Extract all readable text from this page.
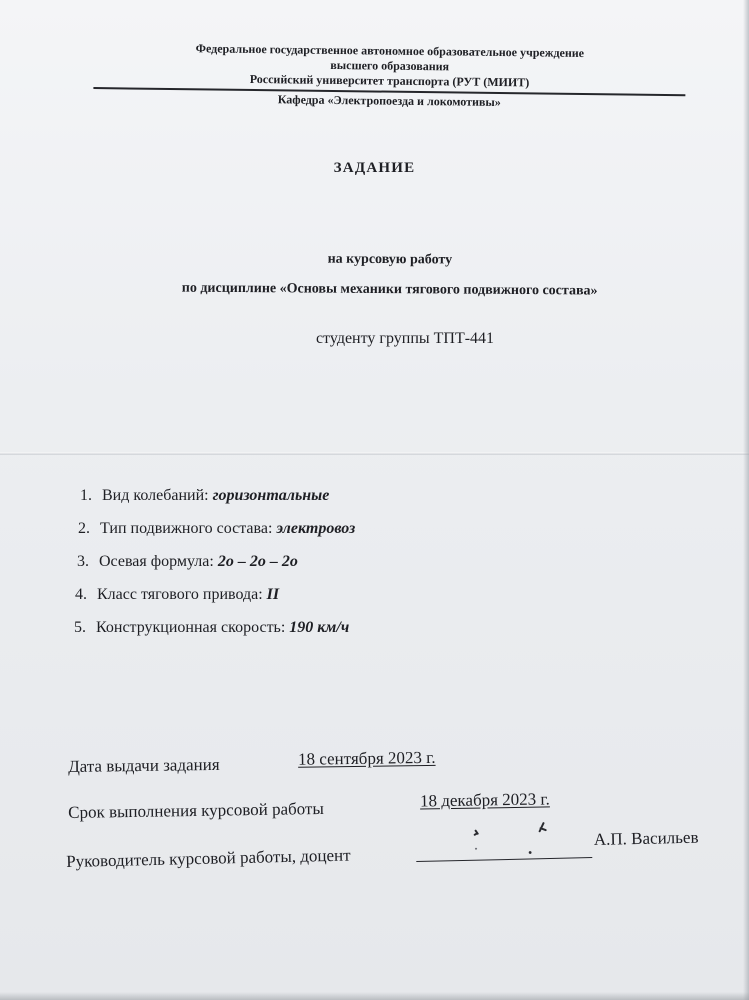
Федеральное государственное автономное образовательное учреждение
высшего образования
Российский университет транспорта (РУТ (МИИТ)
Кафедра «Электропоезда и локомотивы»
ЗАДАНИЕ
на курсовую работу
по дисциплине «Основы механики тягового подвижного состава»
студенту группы ТПТ-441
1. Вид колебаний: горизонтальные
2. Тип подвижного состава: электровоз
3. Осевая формула: 2о – 2о – 2о
4. Класс тягового привода: II
5. Конструкционная скорость: 190 км/ч
Дата выдачи задания	18 сентября 2023 г.
Срок выполнения курсовой работы	18 декабря 2023 г.
Руководитель курсовой работы, доцент
А.П. Васильев
